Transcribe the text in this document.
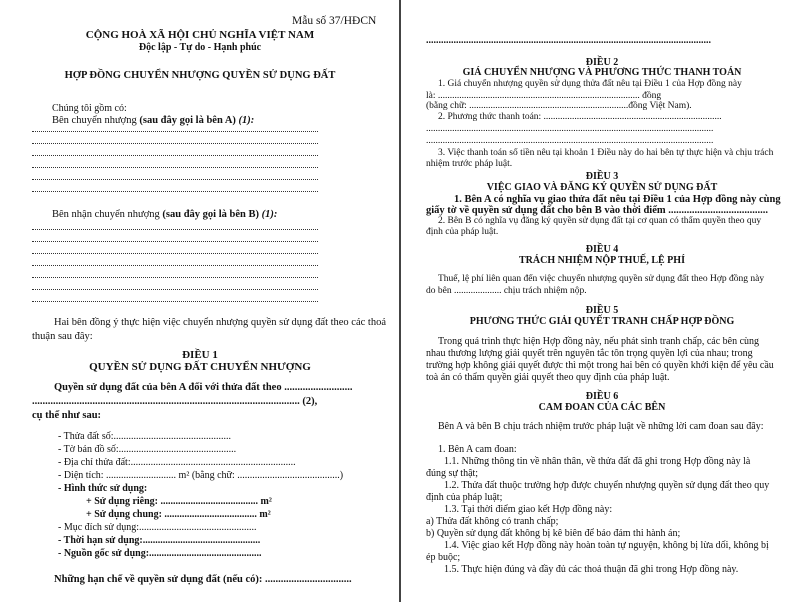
Mẫu số 37/HĐCN
CỘNG HOÀ XÃ HỘI CHỦ NGHĨA VIỆT NAM
Độc lập - Tự do - Hạnh phúc
HỢP ĐỒNG CHUYỂN NHƯỢNG QUYỀN SỬ DỤNG ĐẤT
Chúng tôi gồm có:
Bên chuyển nhượng (sau đây gọi là bên A) (1):
Bên nhận chuyển nhượng (sau đây gọi là bên B) (1):
Hai bên đồng ý thực hiện việc chuyển nhượng quyền sử dụng đất theo các thoả
thuận sau đây:
ĐIỀU 1
QUYỀN SỬ DỤNG ĐẤT CHUYỂN NHƯỢNG
Quyền sử dụng đất của bên A đối với thửa đất theo ..........................
...................................................................................................... (2),
cụ thể như sau:
- Thửa đất số:...............................................
- Tờ bản đồ số:...............................................
- Địa chỉ thửa đất:..................................................................
- Diện tích: ............................ m² (bằng chữ: .........................................)
- Hình thức sử dụng:
+ Sử dụng riêng: ....................................... m²
+ Sử dụng chung: ..................................... m²
- Mục đích sử dụng:...............................................
- Thời hạn sử dụng:...............................................
- Nguồn gốc sử dụng:.............................................
Những hạn chế về quyền sử dụng đất (nếu có): .................................
..................................................................................................................
ĐIỀU 2
GIÁ CHUYỂN NHƯỢNG VÀ PHƯƠNG THỨC THANH TOÁN
1. Giá chuyển nhượng quyền sử dụng thửa đất nêu tại Điều 1 của Hợp đồng này
là: ..................................................................................... đồng
(bằng chữ: ...................................................................đồng Việt Nam).
2. Phương thức thanh toán: ...........................................................................
.........................................................................................................................
.........................................................................................................................
3. Việc thanh toán số tiền nêu tại khoản 1 Điều này do hai bên tự thực hiện và chịu trách
nhiệm trước pháp luật.
ĐIỀU 3
VIỆC GIAO VÀ ĐĂNG KÝ QUYỀN SỬ DỤNG ĐẤT
1. Bên A có nghĩa vụ giao thửa đất nêu tại Điều 1 của Hợp đồng này cùng
giấy tờ về quyền sử dụng đất cho bên B vào thời điểm ......................................
2. Bên B có nghĩa vụ đăng ký quyền sử dụng đất tại cơ quan có thẩm quyền theo quy
định của pháp luật.
ĐIỀU 4
TRÁCH NHIỆM NỘP THUẾ, LỆ PHÍ
Thuế, lệ phí liên quan đến việc chuyển nhượng quyền sử dụng đất theo Hợp đồng này
do bên .................... chịu trách nhiệm nộp.
ĐIỀU 5
PHƯƠNG THỨC GIẢI QUYẾT TRANH CHẤP HỢP ĐỒNG
Trong quá trình thực hiện Hợp đồng này, nếu phát sinh tranh chấp, các bên cùng
nhau thương lượng giải quyết trên nguyên tắc tôn trọng quyền lợi của nhau; trong
trường hợp không giải quyết được thì một trong hai bên có quyền khởi kiện để yêu cầu
toà án có thẩm quyền giải quyết theo quy định của pháp luật.
ĐIỀU 6
CAM ĐOAN CỦA CÁC BÊN
Bên A và bên B chịu trách nhiệm trước pháp luật về những lời cam đoan sau đây:
1. Bên A cam đoan:
1.1. Những thông tin về nhân thân, về thửa đất đã ghi trong Hợp đồng này là
đúng sự thật;
1.2. Thửa đất thuộc trường hợp được chuyển nhượng quyền sử dụng đất theo quy
định của pháp luật;
1.3. Tại thời điểm giao kết Hợp đồng này:
a) Thửa đất không có tranh chấp;
b) Quyền sử dụng đất không bị kê biên để bảo đảm thi hành án;
1.4. Việc giao kết Hợp đồng này hoàn toàn tự nguyện, không bị lừa dối, không bị
ép buộc;
1.5. Thực hiện đúng và đầy đủ các thoả thuận đã ghi trong Hợp đồng này.
